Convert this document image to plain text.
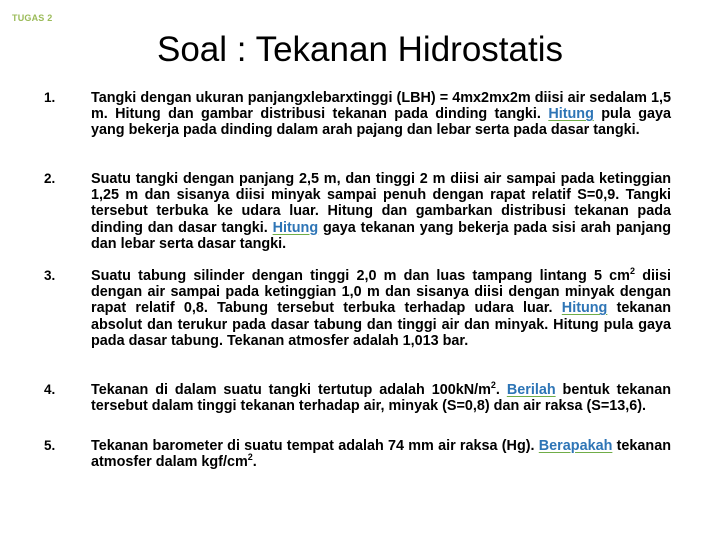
TUGAS 2
Soal : Tekanan Hidrostatis
1. Tangki dengan ukuran panjangxlebarxtinggi (LBH) = 4mx2mx2m diisi air sedalam 1,5 m. Hitung dan gambar distribusi tekanan pada dinding tangki. Hitung pula gaya yang bekerja pada dinding dalam arah pajang dan lebar serta pada dasar tangki.

2. Suatu tangki dengan panjang 2,5 m, dan tinggi 2 m diisi air sampai pada ketinggian 1,25 m dan sisanya diisi minyak sampai penuh dengan rapat relatif S=0,9. Tangki tersebut terbuka ke udara luar. Hitung dan gambarkan distribusi tekanan pada dinding dan dasar tangki. Hitung gaya tekanan yang bekerja pada sisi arah panjang dan lebar serta dasar tangki.

3. Suatu tabung silinder dengan tinggi 2,0 m dan luas tampang lintang 5 $cm^2$ diisi dengan air sampai pada ketinggian 1,0 m dan sisanya diisi dengan minyak dengan rapat relatif 0,8. Tabung tersebut terbuka terhadap udara luar. Hitung tekanan absolut dan terukur pada dasar tabung dan tinggi air dan minyak. Hitung pula gaya pada dasar tabung. Tekanan atmosfer adalah 1,013 bar.

4. Tekanan di dalam suatu tangki tertutup adalah $100kN/m^2$. Berilah bentuk tekanan tersebut dalam tinggi tekanan terhadap air, minyak (S=0,8) dan air raksa (S=13,6).

5. Tekanan barometer di suatu tempat adalah 74 mm air raksa (Hg). Berapakah tekanan atmosfer dalam kgf/$cm^2$.
